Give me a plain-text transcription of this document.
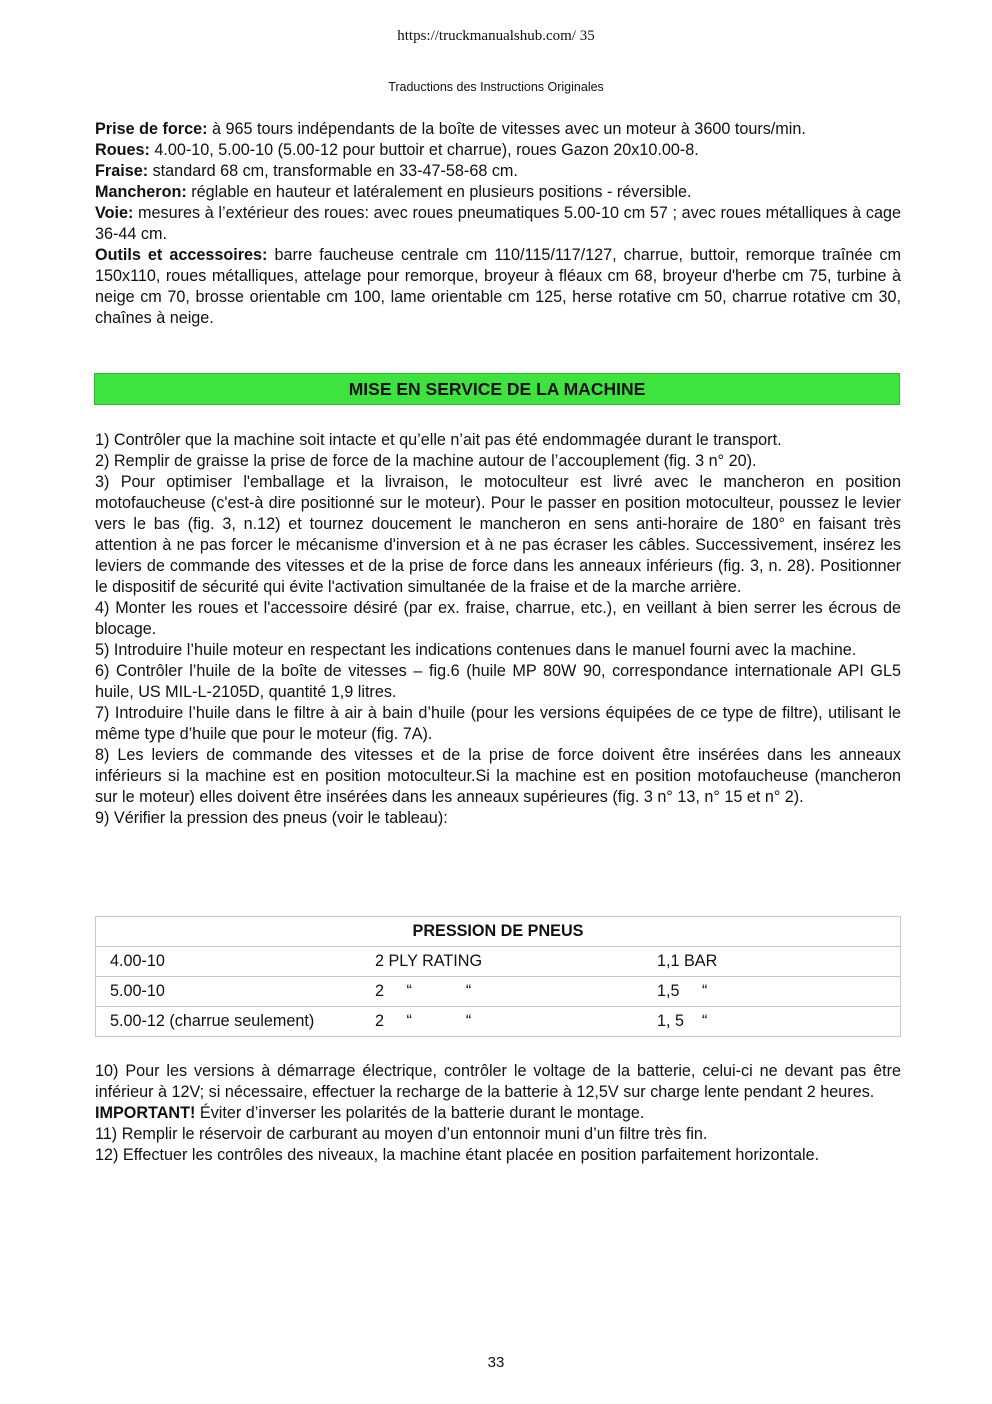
https://truckmanualshub.com/ 35
Traductions des Instructions Originales

Prise de force: à 965 tours indépendants de la boîte de vitesses avec un moteur à 3600 tours/min.

Roues: 4.00-10, 5.00-10 (5.00-12 pour buttoir et charrue), roues Gazon 20x10.00-8.

Fraise: standard 68 cm, transformable en 33-47-58-68 cm.

Mancheron: réglable en hauteur et latéralement en plusieurs positions - réversible.

Voie: mesures à l’extérieur des roues: avec roues pneumatiques 5.00-10 cm 57 ; avec roues métalliques à cage 36-44 cm.

Outils et accessoires: barre faucheuse centrale cm 110/115/117/127, charrue, buttoir, remorque traînée cm 150x110, roues métalliques, attelage pour remorque, broyeur à fléaux cm 68, broyeur d'herbe cm 75, turbine à neige cm 70, brosse orientable cm 100, lame orientable cm 125, herse rotative cm 50, charrue rotative cm 30, chaînes à neige.

MISE EN SERVICE DE LA MACHINE

1) Contrôler que la machine soit intacte et qu’elle n’ait pas été endommagée durant le transport.

2) Remplir de graisse la prise de force de la machine autour de l’accouplement (fig. 3 n° 20).

3) Pour optimiser l'emballage et la livraison, le motoculteur est livré avec le mancheron en position motofaucheuse (c'est-à dire positionné sur le moteur). Pour le passer en position motoculteur, poussez le levier vers le bas (fig. 3, n.12) et tournez doucement le mancheron en sens anti-horaire de 180° en faisant très attention à ne pas forcer le mécanisme d'inversion et à ne pas écraser les câbles. Successivement, insérez les leviers de commande des vitesses et de la prise de force dans les anneaux inférieurs (fig. 3, n. 28). Positionner le dispositif de sécurité qui évite l'activation simultanée de la fraise et de la marche arrière.

4) Monter les roues et l'accessoire désiré (par ex. fraise, charrue, etc.), en veillant à bien serrer les écrous de blocage.

5) Introduire l’huile moteur en respectant les indications contenues dans le manuel fourni avec la machine.

6) Contrôler l’huile de la boîte de vitesses – fig.6 (huile MP 80W 90, correspondance internationale API GL5 huile, US MIL-L-2105D, quantité 1,9 litres.

7) Introduire l’huile dans le filtre à air à bain d’huile (pour les versions équipées de ce type de filtre), utilisant le même type d’huile que pour le moteur (fig. 7A).

8) Les leviers de commande des vitesses et de la prise de force doivent être insérées dans les anneaux inférieurs si la machine est en position motoculteur.Si la machine est en position motofaucheuse (mancheron sur le moteur) elles doivent être insérées dans les anneaux supérieures (fig. 3 n° 13, n° 15 et n° 2).

9) Vérifier la pression des pneus (voir le tableau):

PRESSION DE PNEUS		
4.00-10	2 PLY RATING	1,1 BAR
5.00-10	2     “            “	1,5     “
5.00-12 (charrue seulement)	2     “            “	1, 5    “

10) Pour les versions à démarrage électrique, contrôler le voltage de la batterie, celui-ci ne devant pas être inférieur à 12V; si nécessaire, effectuer la recharge de la batterie à 12,5V sur charge lente pendant 2 heures.

IMPORTANT! Éviter d’inverser les polarités de la batterie durant le montage.

11) Remplir le réservoir de carburant au moyen d’un entonnoir muni d’un filtre très fin.

12) Effectuer les contrôles des niveaux, la machine étant placée en position parfaitement horizontale.

33
